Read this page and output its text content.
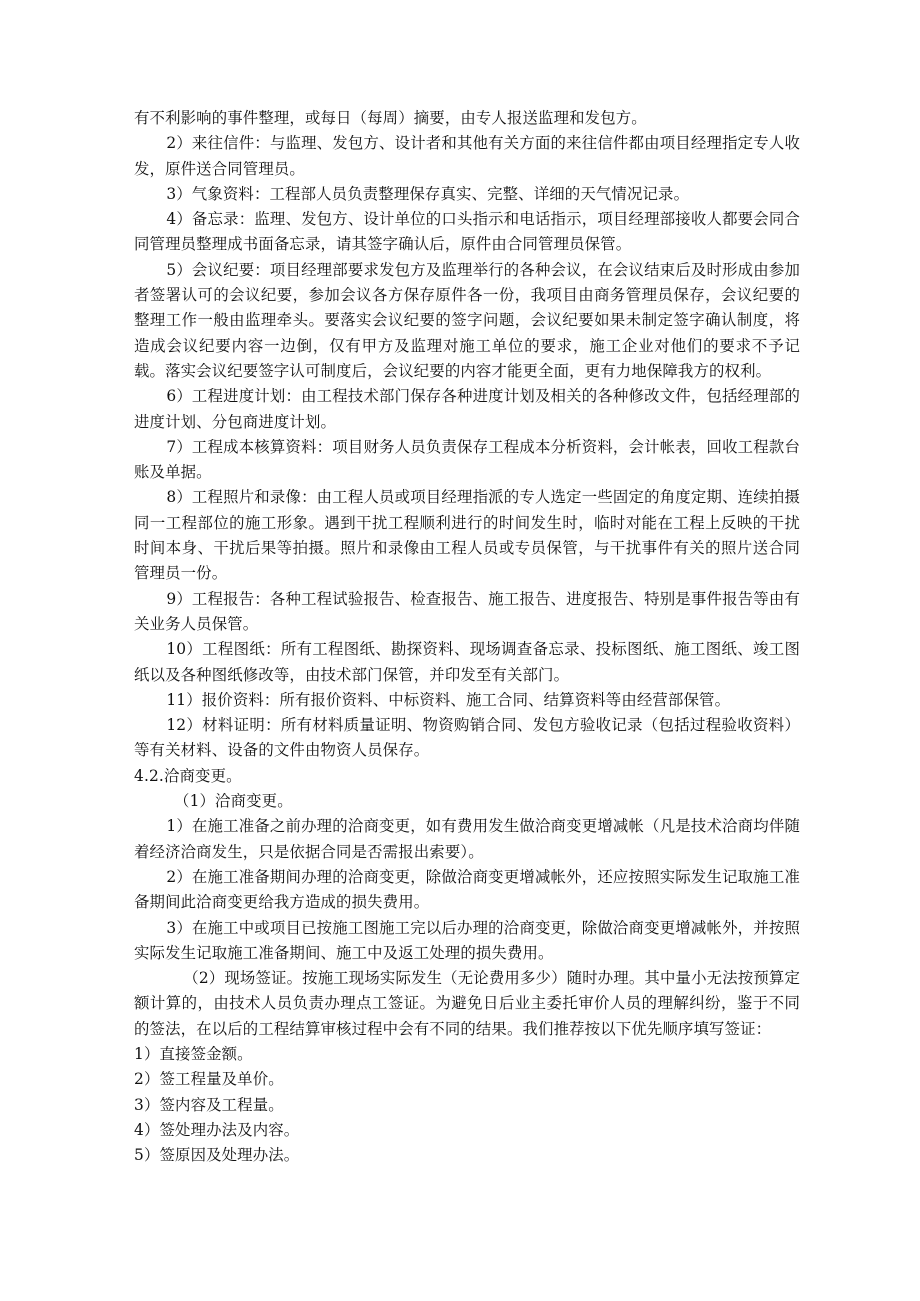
有不利影响的事件整理，或每日（每周）摘要，由专人报送监理和发包方。

2）来往信件：与监理、发包方、设计者和其他有关方面的来往信件都由项目经理指定专人收发，原件送合同管理员。

3）气象资料：工程部人员负责整理保存真实、完整、详细的天气情况记录。

4）备忘录：监理、发包方、设计单位的口头指示和电话指示，项目经理部接收人都要会同合同管理员整理成书面备忘录，请其签字确认后，原件由合同管理员保管。

5）会议纪要：项目经理部要求发包方及监理举行的各种会议，在会议结束后及时形成由参加者签署认可的会议纪要，参加会议各方保存原件各一份，我项目由商务管理员保存，会议纪要的整理工作一般由监理牵头。要落实会议纪要的签字问题，会议纪要如果未制定签字确认制度，将造成会议纪要内容一边倒，仅有甲方及监理对施工单位的要求，施工企业对他们的要求不予记载。落实会议纪要签字认可制度后，会议纪要的内容才能更全面，更有力地保障我方的权利。

6）工程进度计划：由工程技术部门保存各种进度计划及相关的各种修改文件，包括经理部的进度计划、分包商进度计划。

7）工程成本核算资料：项目财务人员负责保存工程成本分析资料，会计帐表，回收工程款台账及单据。

8）工程照片和录像：由工程人员或项目经理指派的专人选定一些固定的角度定期、连续拍摄同一工程部位的施工形象。遇到干扰工程顺利进行的时间发生时，临时对能在工程上反映的干扰时间本身、干扰后果等拍摄。照片和录像由工程人员或专员保管，与干扰事件有关的照片送合同管理员一份。

9）工程报告：各种工程试验报告、检查报告、施工报告、进度报告、特别是事件报告等由有关业务人员保管。

10）工程图纸：所有工程图纸、勘探资料、现场调查备忘录、投标图纸、施工图纸、竣工图纸以及各种图纸修改等，由技术部门保管，并印发至有关部门。

11）报价资料：所有报价资料、中标资料、施工合同、结算资料等由经营部保管。

12）材料证明：所有材料质量证明、物资购销合同、发包方验收记录（包括过程验收资料）等有关材料、设备的文件由物资人员保存。

4.2.洽商变更。

（1）洽商变更。

1）在施工准备之前办理的洽商变更，如有费用发生做洽商变更增减帐（凡是技术洽商均伴随着经济洽商发生，只是依据合同是否需报出索要）。

2）在施工准备期间办理的洽商变更，除做洽商变更增减帐外，还应按照实际发生记取施工准备期间此洽商变更给我方造成的损失费用。

3）在施工中或项目已按施工图施工完以后办理的洽商变更，除做洽商变更增减帐外，并按照实际发生记取施工准备期间、施工中及返工处理的损失费用。

（2）现场签证。按施工现场实际发生（无论费用多少）随时办理。其中量小无法按预算定额计算的，由技术人员负责办理点工签证。为避免日后业主委托审价人员的理解纠纷，鉴于不同的签法，在以后的工程结算审核过程中会有不同的结果。我们推荐按以下优先顺序填写签证：

1）直接签金额。

2）签工程量及单价。

3）签内容及工程量。

4）签处理办法及内容。

5）签原因及处理办法。
